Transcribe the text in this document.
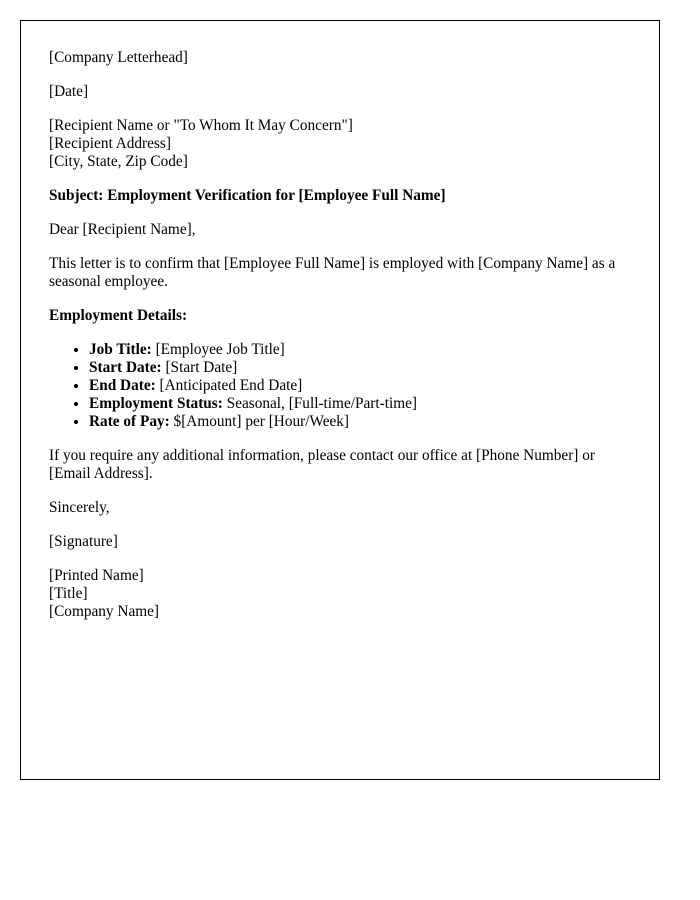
[Company Letterhead]

[Date]

[Recipient Name or "To Whom It May Concern"]
[Recipient Address]
[City, State, Zip Code]

Subject: Employment Verification for [Employee Full Name]

Dear [Recipient Name],

This letter is to confirm that [Employee Full Name] is employed with [Company Name] as a seasonal employee.

Employment Details:

• Job Title: [Employee Job Title]
• Start Date: [Start Date]
• End Date: [Anticipated End Date]
• Employment Status: Seasonal, [Full-time/Part-time]
• Rate of Pay: $[Amount] per [Hour/Week]

If you require any additional information, please contact our office at [Phone Number] or [Email Address].

Sincerely,

[Signature]

[Printed Name]
[Title]
[Company Name]
